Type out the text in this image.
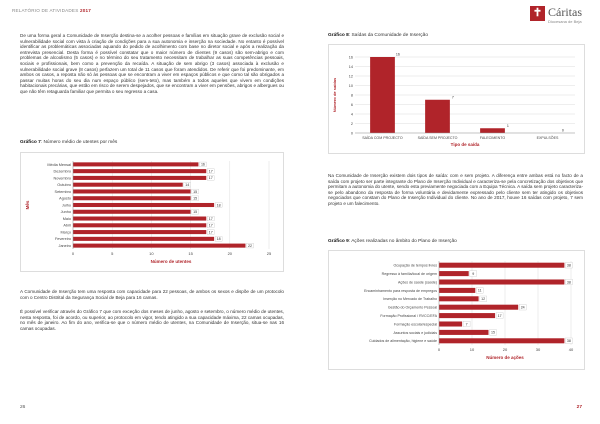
RELATÓRIO DE ATIVIDADES 2017	✝ Cáritas
Diocesana de Beja
De uma forma geral a Comunidade de Inserção destina-se a acolher pessoas e famílias em situação grave de exclusão social e vulnerabilidade social com vista à criação de condições para a sua autonomia e inserção na sociedade. No entanto é possível identificar as problemáticas associadas aquando do pedido de acolhimento com base no diretor social e após a realização da entrevista presencial. Desta forma é possível constatar que o maior número de clientes (9 casos) são sem-abrigo e com problemas de alcoolismo (5 casos) e no término do seu tratamento necessitam de trabalhar as suas competências pessoais, sociais e profissionais, bem como a prevenção da recaída. A situação de sem abrigo (3 casos) associada à exclusão e vulnerabilidade social grave (8 casos) perfazem um total de 11 casos que foram atendidos. De referir que foi predominante, em ambos os casos, a reposta não só às pessoas que se encontram a viver em espaços públicos e que como tal são obrigados a passar muitas horas do seu dia num espaço público (sem-teto), mas também a todos aqueles que vivem em condições habitacionais precárias, que estão em risco de serem despejados, que se encontram a viver em pensões, abrigos e albergues ou que não têm retaguarda familiar que permita o seu regresso a casa.
Gráfico 7: Número médio de utentes por mês
0	5	10	15	20	25
Média Mensal	16
Dezembro	17
Novembro	17
Outubro	14
Setembro	15
Agosto	15
Julho	18
Junho	15
Maio	17
Abril	17
Março	17
Fevereiro	18
Janeiro	22
Número de utentes
Mês
A Comunidade de Inserção tem uma resposta com capacidade para 22 pessoas, de ambos os sexos e dispõe de um protocolo com o Centro Distrital da Segurança Social de Beja para 16 camas.
É possível verificar através do Gráfico 7 que com exceção dos meses de junho, agosto e setembro, o número médio de utentes, nesta resposta, foi de acordo, ou superior, ao protocolo em vigor, tendo atingido a sua capacidade máxima, 22 camas ocupadas, no mês de janeiro. Ao fim do ano, verifica-se que o número médio de utentes, na Comunidade de Inserção, situa-se nas 16 camas ocupadas.
26
Gráfico 8: Saídas da Comunidade de Inserção
0
2
4
6
8
10
12
14
16
16
SAÍDA COM PROJECTO
7
SAÍDA SEM PROJECTO
1
FALECIMENTO
0
EXPULSÕES
Tipo de saída
Número de saídas
Na Comunidade de Inserção existem dois tipos de saída: com e sem projeto. A diferença entre ambas está no facto de a saída com projeto ser parte integrante do Plano de Inserção Individual e caracteriza-se pela concretização dos objetivos que permitam a autonomia do utente, sendo esta previamente negociada com a Equipa Técnica. A saída sem projeto caracteriza-se pelo abandono da resposta de forma voluntária e devidamente expressado pelo cliente sem ter atingido os objetivos negociados que constam do Plano de Inserção Individual do cliente. No ano de 2017, houve 16 saídas com projeto, 7 sem projeto e um falecimento.
Gráfico 9: Ações realizadas no âmbito do Plano de Inserção
0	10	20	30	40
Ocupação de tempos livres	38
Regresso à família/local de origem	9
Ações de saúde (saúde)	38
Encaminhamento para resposta de empregos	11
Inserção no Mercado de Trabalho	12
Gestão do Orçamento Pessoal	24
Formação Profissional / RVCC/EFA	17
Formação escolar/especial	7
Assuntos sociais e judiciais	15
Cuidados de alimentação, higiene e saúde	38
Número de ações
27
